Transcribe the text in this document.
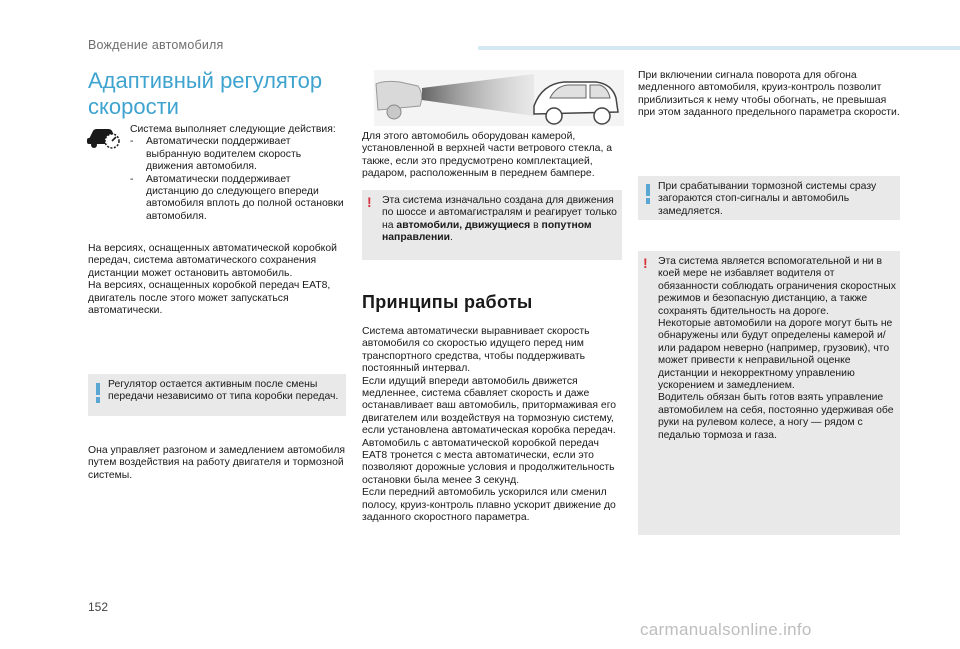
Вождение автомобиля
Адаптивный регулятор
скорости
Система выполняет следующие действия:
-	Автоматически поддерживает выбранную водителем скорость движения автомобиля.
-	Автоматически поддерживает дистанцию до следующего впереди автомобиля вплоть до полной остановки автомобиля.
На версиях, оснащенных автоматической коробкой передач, система автоматического сохранения дистанции может остановить автомобиль.
На версиях, оснащенных коробкой передач EAT8, двигатель после этого может запускаться автоматически.
Регулятор остается активным после смены передачи независимо от типа коробки передач.
Она управляет разгоном и замедлением автомобиля путем воздействия на работу двигателя и тормозной системы.
Для этого автомобиль оборудован камерой, установленной в верхней части ветрового стекла, а также, если это предусмотрено комплектацией, радаром, расположенным в переднем бампере.
! Эта система изначально создана для движения по шоссе и автомагистралям и реагирует только на автомобили, движущиеся в попутном направлении.
Принципы работы
Система автоматически выравнивает скорость автомобиля со скоростью идущего перед ним транспортного средства, чтобы поддерживать постоянный интервал.
Если идущий впереди автомобиль движется медленнее, система сбавляет скорость и даже останавливает ваш автомобиль, притормаживая его двигателем или воздействуя на тормозную систему, если установлена автоматическая коробка передач.
Автомобиль с автоматической коробкой передач EAT8 тронется с места автоматически, если это позволяют дорожные условия и продолжительность остановки была менее 3 секунд.
Если передний автомобиль ускорился или сменил полосу, круиз-контроль плавно ускорит движение до заданного скоростного параметра.
При включении сигнала поворота для обгона медленного автомобиля, круиз-контроль позволит приблизиться к нему чтобы обогнать, не превышая при этом заданного предельного параметра скорости.
При срабатывании тормозной системы сразу загораются стоп-сигналы и автомобиль замедляется.
! Эта система является вспомогательной и ни в коей мере не избавляет водителя от обязанности соблюдать ограничения скоростных режимов и безопасную дистанцию, а также сохранять бдительность на дороге.
Некоторые автомобили на дороге могут быть не обнаружены или будут определены камерой и/или радаром неверно (например, грузовик), что может привести к неправильной оценке дистанции и некорректному управлению ускорением и замедлением.
Водитель обязан быть готов взять управление автомобилем на себя, постоянно удерживая обе руки на рулевом колесе, а ногу — рядом с педалью тормоза и газа.
152
carmanualsonline.info
